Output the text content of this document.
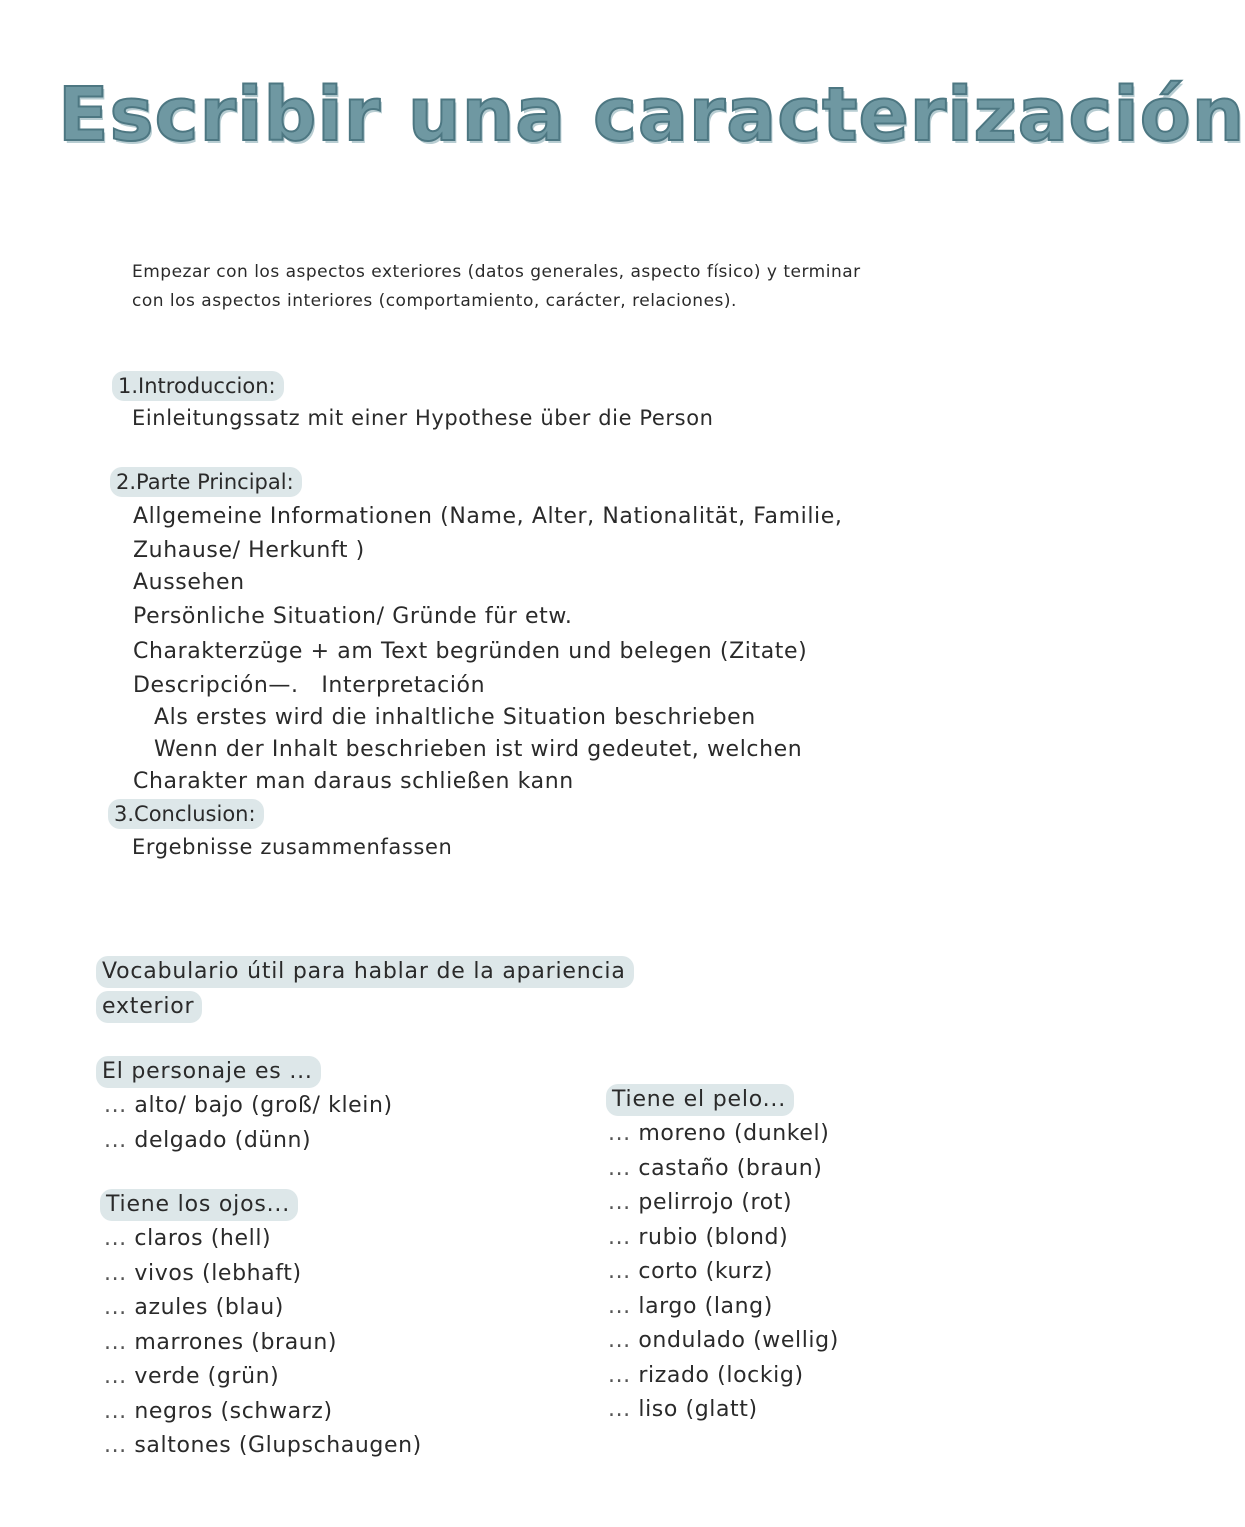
Escribir una caracterización

Empezar con los aspectos exteriores (datos generales, aspecto físico) y terminar con los aspectos interiores (comportamiento, carácter, relaciones).

1.Introduccion:
Einleitungssatz mit einer Hypothese über die Person
2.Parte Principal:
Allgemeine Informationen (Name, Alter, Nationalität, Familie,
Zuhause/ Herkunft )
Aussehen
Persönliche Situation/ Gründe für etw.
Charakterzüge + am Text begründen und belegen (Zitate)
Descripción—.   Interpretación
Als erstes wird die inhaltliche Situation beschrieben
Wenn der Inhalt beschrieben ist wird gedeutet, welchen
Charakter man daraus schließen kann
3.Conclusion:
Ergebnisse zusammenfassen
Vocabulario útil para hablar de la apariencia
exterior
El personaje es ...
... alto/ bajo (groß/ klein)
... delgado (dünn)
Tiene los ojos...
... claros (hell)
... vivos (lebhaft)
... azules (blau)
... marrones (braun)
... verde (grün)
... negros (schwarz)
... saltones (Glupschaugen)
Tiene el pelo...
... moreno (dunkel)
... castaño (braun)
... pelirrojo (rot)
... rubio (blond)
... corto (kurz)
... largo (lang)
... ondulado (wellig)
... rizado (lockig)
... liso (glatt)
